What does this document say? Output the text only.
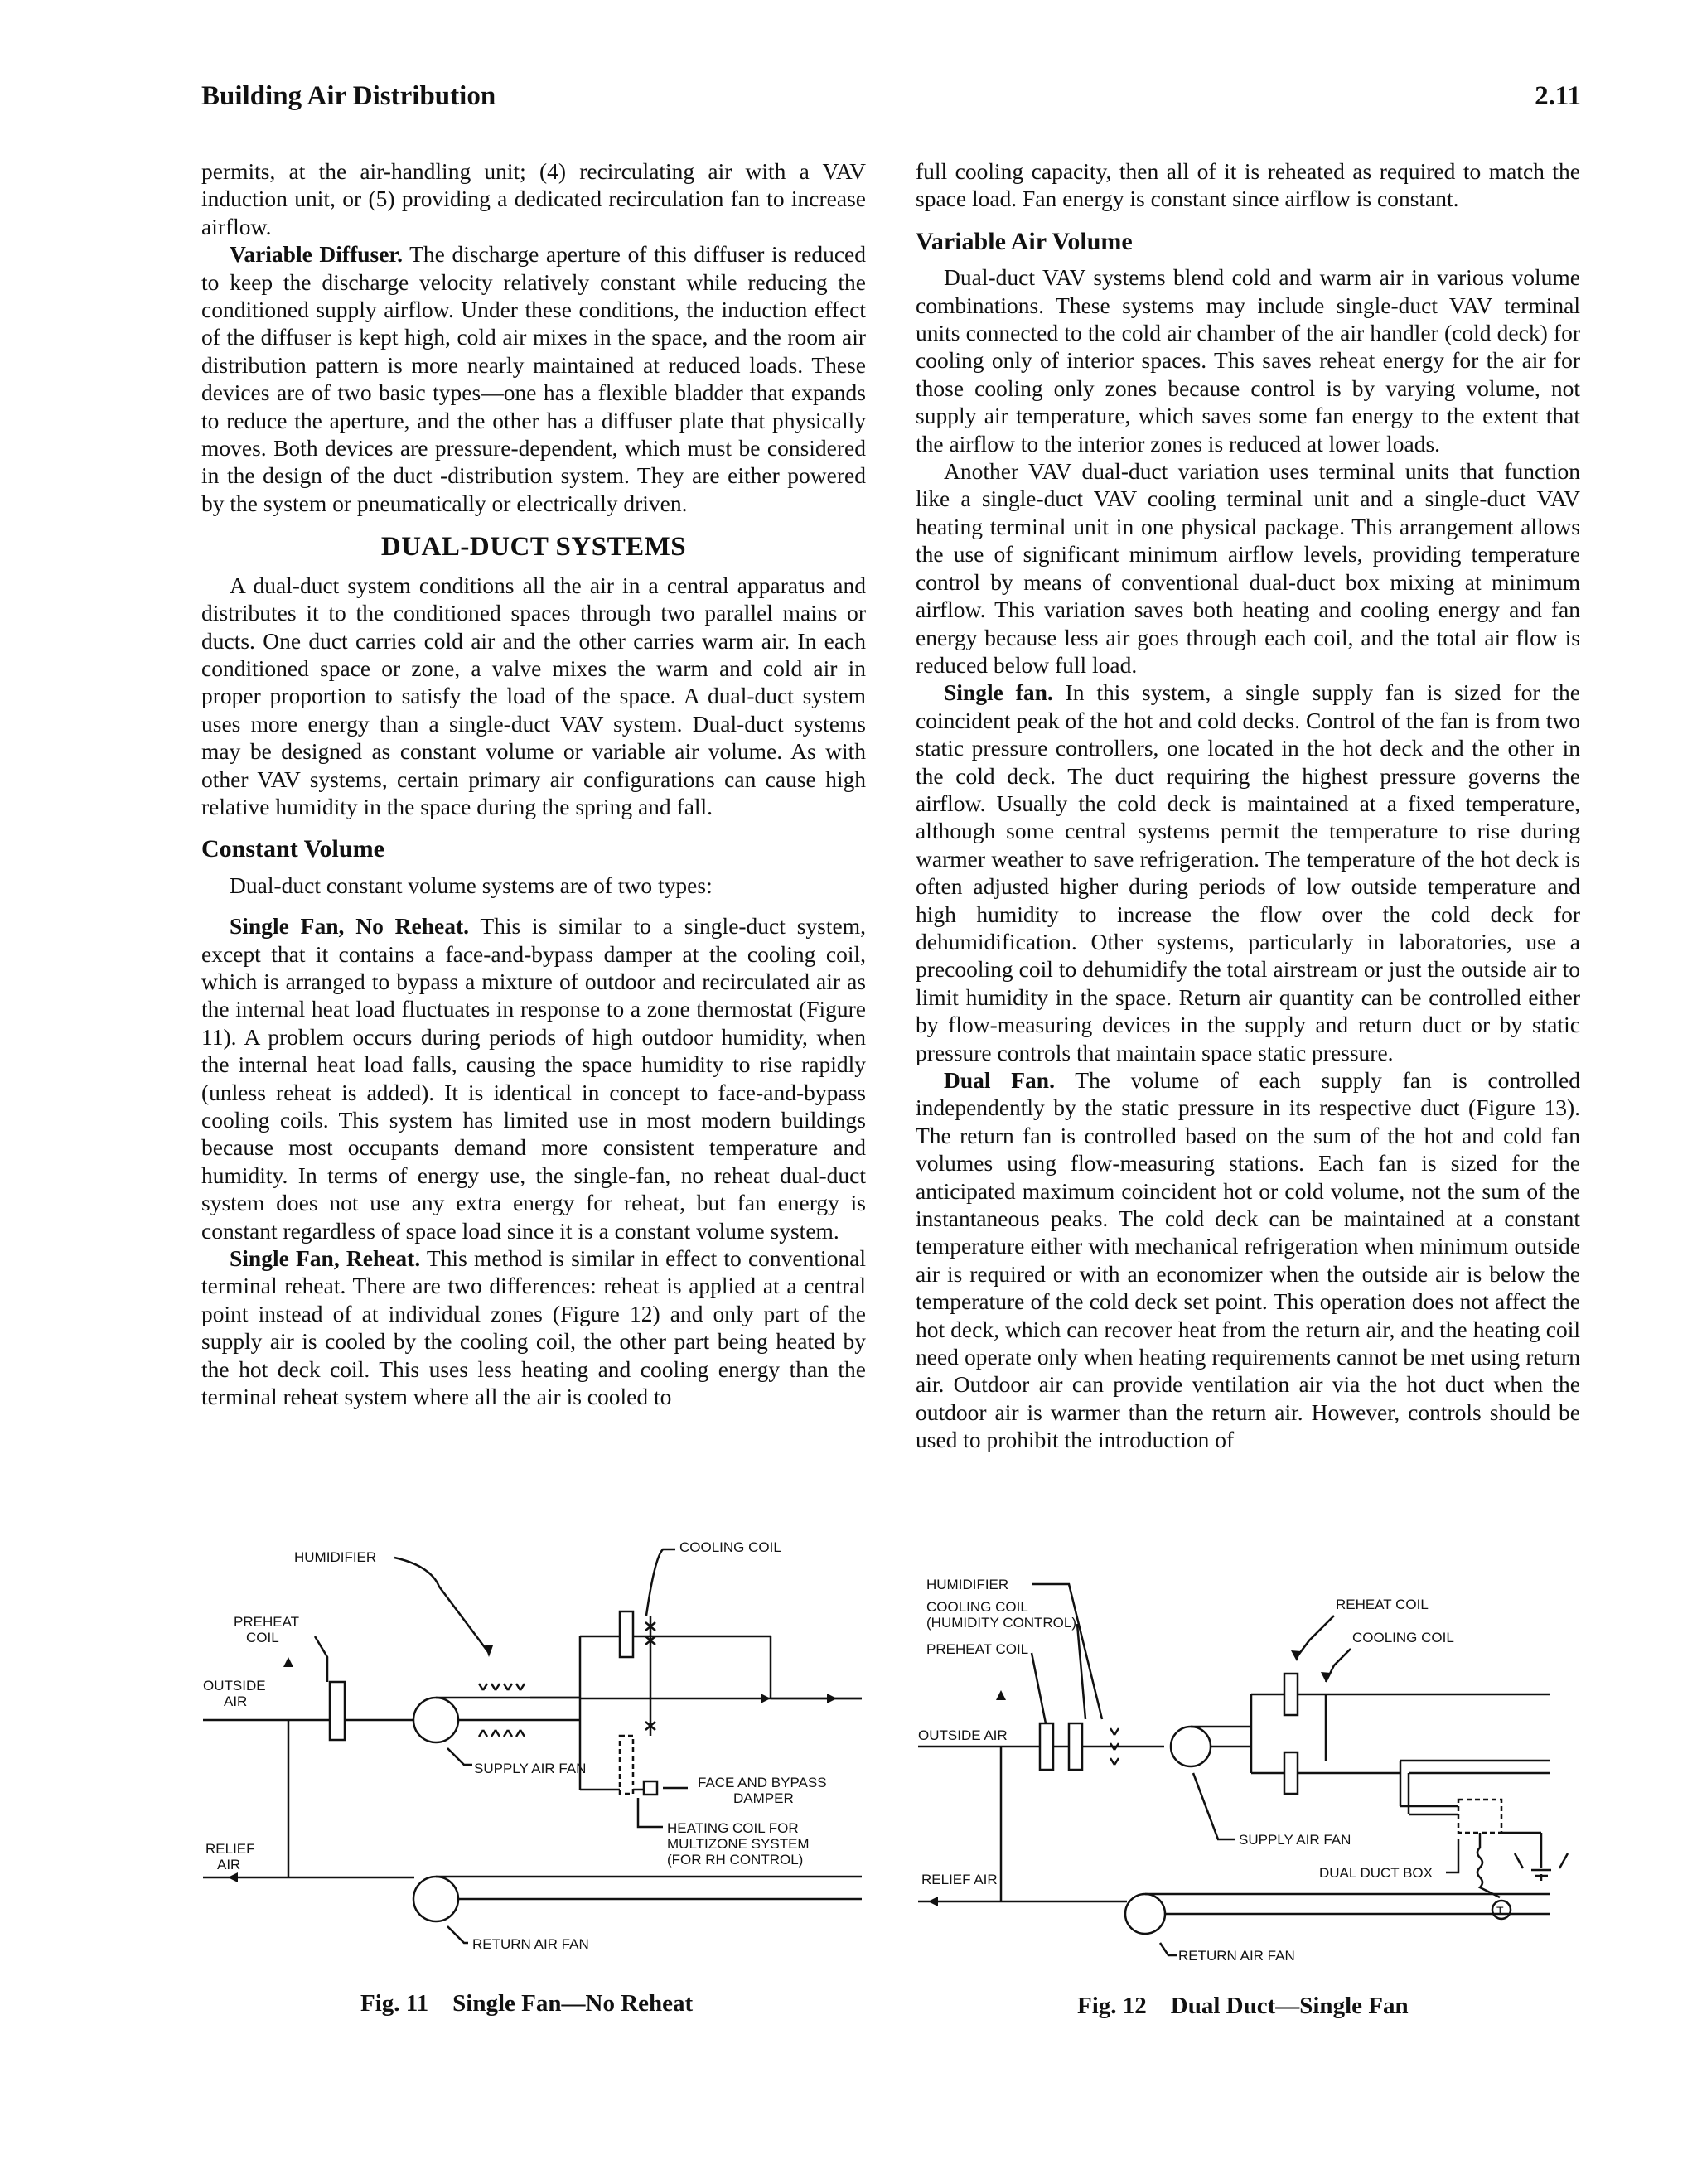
Building Air Distribution	2.11

permits, at the air-handling unit; (4) recirculating air with a VAV induction unit, or (5) providing a dedicated recirculation fan to increase airflow.

Variable Diffuser. The discharge aperture of this diffuser is reduced to keep the discharge velocity relatively constant while reducing the conditioned supply airflow. Under these conditions, the induction effect of the diffuser is kept high, cold air mixes in the space, and the room air distribution pattern is more nearly maintained at reduced loads. These devices are of two basic types—one has a flexible bladder that expands to reduce the aperture, and the other has a diffuser plate that physically moves. Both devices are pressure-dependent, which must be considered in the design of the duct -distribution system. They are either powered by the system or pneumatically or electrically driven.

DUAL-DUCT SYSTEMS

A dual-duct system conditions all the air in a central apparatus and distributes it to the conditioned spaces through two parallel mains or ducts. One duct carries cold air and the other carries warm air. In each conditioned space or zone, a valve mixes the warm and cold air in proper proportion to satisfy the load of the space. A dual-duct system uses more energy than a single-duct VAV system. Dual-duct systems may be designed as constant volume or variable air volume. As with other VAV systems, certain primary air configurations can cause high relative humidity in the space during the spring and fall.

Constant Volume

Dual-duct constant volume systems are of two types:

Single Fan, No Reheat. This is similar to a single-duct system, except that it contains a face-and-bypass damper at the cooling coil, which is arranged to bypass a mixture of outdoor and recirculated air as the internal heat load fluctuates in response to a zone thermostat (Figure 11). A problem occurs during periods of high outdoor humidity, when the internal heat load falls, causing the space humidity to rise rapidly (unless reheat is added). It is identical in concept to face-and-bypass cooling coils. This system has limited use in most modern buildings because most occupants demand more consistent temperature and humidity. In terms of energy use, the single-fan, no reheat dual-duct system does not use any extra energy for reheat, but fan energy is constant regardless of space load since it is a constant volume system.

Single Fan, Reheat. This method is similar in effect to conventional terminal reheat. There are two differences: reheat is applied at a central point instead of at individual zones (Figure 12) and only part of the supply air is cooled by the cooling coil, the other part being heated by the hot deck coil. This uses less heating and cooling energy than the terminal reheat system where all the air is cooled to

full cooling capacity, then all of it is reheated as required to match the space load. Fan energy is constant since airflow is constant.

Variable Air Volume

Dual-duct VAV systems blend cold and warm air in various volume combinations. These systems may include single-duct VAV terminal units connected to the cold air chamber of the air handler (cold deck) for cooling only of interior spaces. This saves reheat energy for the air for those cooling only zones because control is by varying volume, not supply air temperature, which saves some fan energy to the extent that the airflow to the interior zones is reduced at lower loads.

Another VAV dual-duct variation uses terminal units that function like a single-duct VAV cooling terminal unit and a single-duct VAV heating terminal unit in one physical package. This arrangement allows the use of significant minimum airflow levels, providing temperature control by means of conventional dual-duct box mixing at minimum airflow. This variation saves both heating and cooling energy and fan energy because less air goes through each coil, and the total air flow is reduced below full load.

Single fan. In this system, a single supply fan is sized for the coincident peak of the hot and cold decks. Control of the fan is from two static pressure controllers, one located in the hot deck and the other in the cold deck. The duct requiring the highest pressure governs the airflow. Usually the cold deck is maintained at a fixed temperature, although some central systems permit the temperature to rise during warmer weather to save refrigeration. The temperature of the hot deck is often adjusted higher during periods of low outside temperature and high humidity to increase the flow over the cold deck for dehumidification. Other systems, particularly in laboratories, use a precooling coil to dehumidify the total airstream or just the outside air to limit humidity in the space. Return air quantity can be controlled either by flow-measuring devices in the supply and return duct or by static pressure controls that maintain space static pressure.

Dual Fan. The volume of each supply fan is controlled independently by the static pressure in its respective duct (Figure 13). The return fan is controlled based on the sum of the hot and cold fan volumes using flow-measuring stations. Each fan is sized for the anticipated maximum coincident hot or cold volume, not the sum of the instantaneous peaks. The cold deck can be maintained at a constant temperature either with mechanical refrigeration when minimum outside air is required or with an economizer when the outside air is below the temperature of the cold deck set point. This operation does not affect the hot deck, which can recover heat from the return air, and the heating coil need operate only when heating requirements cannot be met using return air. Outdoor air can provide ventilation air via the hot duct when the outdoor air is warmer than the return air. However, controls should be used to prohibit the introduction of

HUMIDIFIER
COOLING COIL
PREHEAT
COIL
OUTSIDE
AIR
SUPPLY AIR FAN
FACE AND BYPASS
DAMPER
HEATING COIL FOR
MULTIZONE SYSTEM
(FOR RH CONTROL)
RELIEF
AIR
RETURN AIR FAN
Fig. 11    Single Fan—No Reheat
HUMIDIFIER
COOLING COIL
(HUMIDITY CONTROL)
PREHEAT COIL
REHEAT COIL
COOLING COIL
OUTSIDE AIR
SUPPLY AIR FAN
RELIEF AIR	DUAL DUCT BOX
T
RETURN AIR FAN
Fig. 12    Dual Duct—Single Fan
